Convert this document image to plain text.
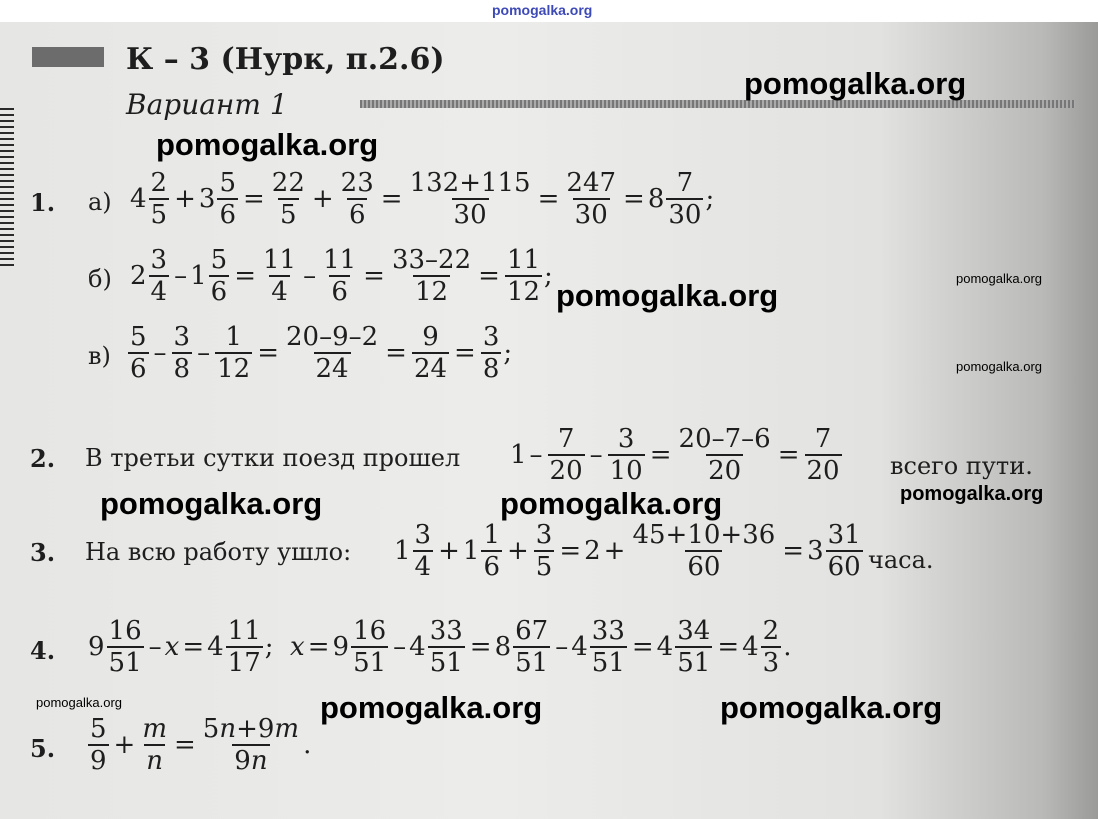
pomogalka.org
К – 3 (Нурк, п.2.6)
Вариант 1
1. а) 4
2
5
+ $3 \frac{5}{6} = \frac{22}{5} + \frac{23}{6} = \frac{132+115}{30} = \frac{247}{30} = 8 \frac{7}{30}$ ;
б) 2
3
4
– $1 \frac{5}{6} = \frac{11}{4} - \frac{11}{6} = \frac{33-22}{12} = \frac{11}{12}$ ;
в)
5
6
–
3
8
– $\frac{1}{12} = \frac{20-9-2}{24} = \frac{9}{24} = \frac{3}{8}$ ;
2. В третьи сутки поезд прошел 1 –
7
20
– $\frac{3}{10} = \frac{20-7-6}{20} = \frac{7}{20}$ всего пути.
3. На всю работу ушло: 1
3
4
+ $1 \frac{1}{6} + \frac{3}{5} = 2 + \frac{45+10+36}{60} = 3 \frac{31}{60}$ часа.
4. 9
16
51
– $x = 4 \frac{11}{17}$ ; $x = 9 \frac{16}{51} - 4 \frac{33}{51} = 8 \frac{67}{51} - 4 \frac{33}{51} = 4 \frac{34}{51} = 4 \frac{2}{3}$ .
5.
5
9
+ $\frac{m}{n} = \frac{5n+9m}{9n}$ .
pomogalka.org
pomogalka.org
pomogalka.org	pomogalka.org
pomogalka.org
pomogalka.org	pomogalka.org	pomogalka.org
pomogalka.org	pomogalka.org	pomogalka.org
